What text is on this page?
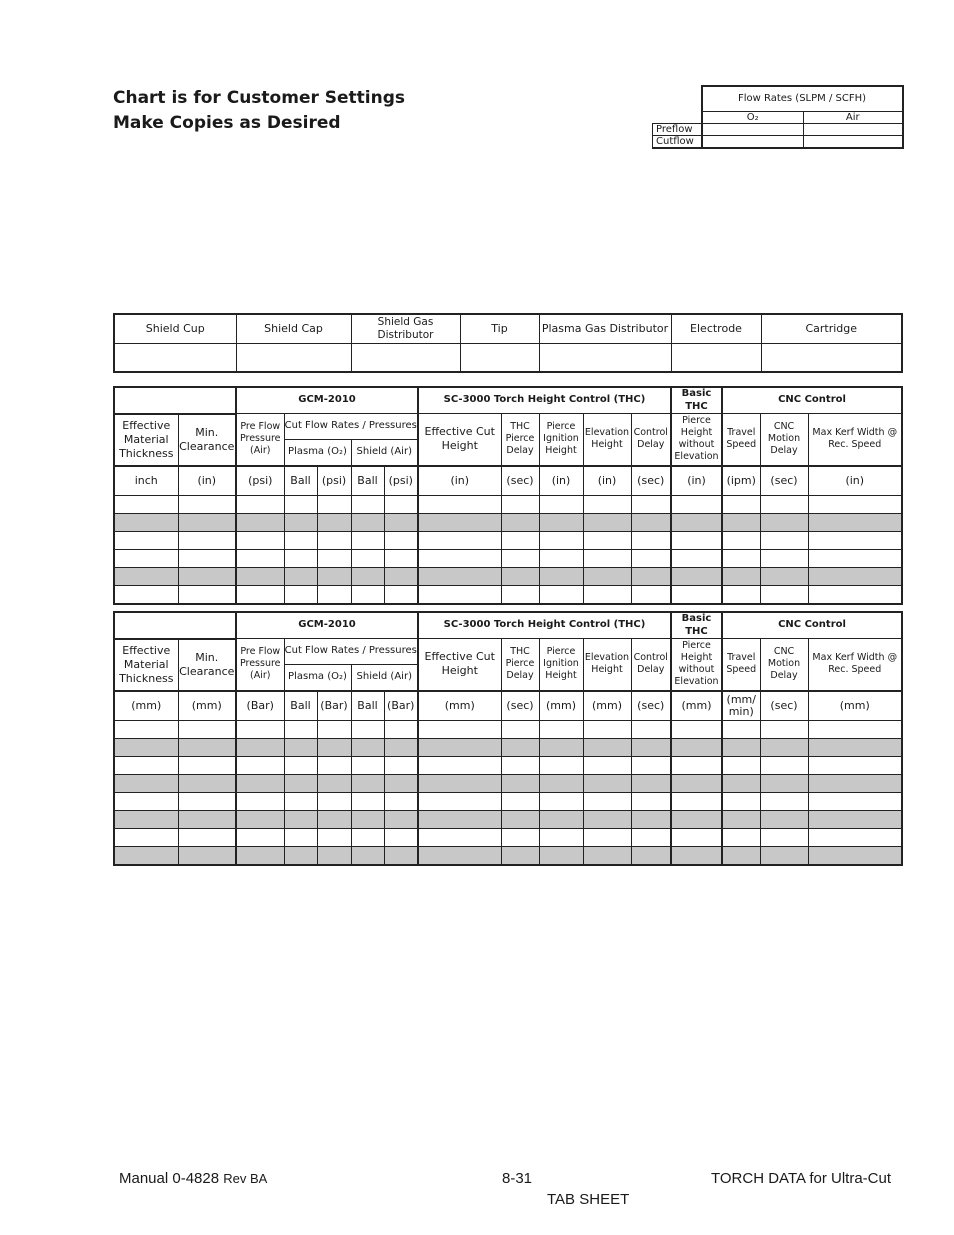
Chart is for Customer Settings
Make Copies as Desired
	Flow Rates (SLPM / SCFH)	
	O₂	Air
Preflow		
Cutflow		
Shield Cup	Shield Cap	Shield Gas Distributor	Tip	Plasma Gas Distributor	Electrode	Cartridge

		GCM-2010					SC-3000 Torch Height Control (THC)					Basic THC	CNC Control		
Effective Material Thickness	Min. Clearance	Pre Flow Pressure (Air)	Cut Flow Rates / Pressures				Effective Cut Height	THC Pierce Delay	Pierce Ignition Height	Elevation Height	Control Delay	Pierce Height without Elevation	Travel Speed	CNC Motion Delay	Max Kerf Width @ Rec. Speed
			Plasma (O₂)		Shield (Air)										
inch	(in)	(psi)	Ball	(psi)	Ball	(psi)	(in)	(sec)	(in)	(in)	(sec)	(in)	(ipm)	(sec)	(in)

		GCM-2010					SC-3000 Torch Height Control (THC)					Basic THC	CNC Control		
Effective Material Thickness	Min. Clearance	Pre Flow Pressure (Air)	Cut Flow Rates / Pressures				Effective Cut Height	THC Pierce Delay	Pierce Ignition Height	Elevation Height	Control Delay	Pierce Height without Elevation	Travel Speed	CNC Motion Delay	Max Kerf Width @ Rec. Speed
			Plasma (O₂)		Shield (Air)										
(mm)	(mm)	(Bar)	Ball	(Bar)	Ball	(Bar)	(mm)	(sec)	(mm)	(mm)	(sec)	(mm)	(mm/ min)	(sec)	(mm)

Manual 0-4828 Rev BA	8-31	TORCH DATA for Ultra-Cut
TAB SHEET
